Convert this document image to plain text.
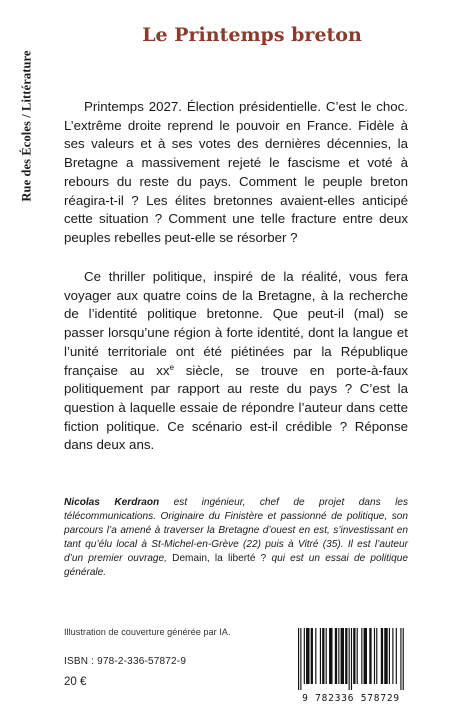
Rue des Écoles / Littérature
Le Printemps breton

Printemps 2027. Élection présidentielle. C’est le choc. L’extrême droite reprend le pouvoir en France. Fidèle à ses valeurs et à ses votes des dernières décennies, la Bretagne a massivement rejeté le fascisme et voté à rebours du reste du pays. Comment le peuple breton réagira-t-il ? Les élites bretonnes avaient-elles anticipé cette situation ? Comment une telle fracture entre deux peuples rebelles peut-elle se résorber ?

Ce thriller politique, inspiré de la réalité, vous fera voyager aux quatre coins de la Bretagne, à la recherche de l’identité politique bretonne. Que peut-il (mal) se passer lorsqu’une région à forte identité, dont la langue et l’unité territoriale ont été piétinées par la République française au $xx^e$ siècle, se trouve en porte-à-faux politiquement par rapport au reste du pays ? C’est la question à laquelle essaie de répondre l’auteur dans cette fiction politique. Ce scénario est-il crédible ? Réponse dans deux ans.

Nicolas Kerdraon est ingénieur, chef de projet dans les télécommunications. Originaire du Finistère et passionné de politique, son parcours l’a amené à traverser la Bretagne d’ouest en est, s’investissant en tant qu’élu local à St-Michel-en-Grève (22) puis à Vitré (35). Il est l’auteur d’un premier ouvrage, Demain, la liberté ? qui est un essai de politique générale.

Illustration de couverture générée par IA.
ISBN : 978-2-336-57872-9
20 €
9 782336 578729
